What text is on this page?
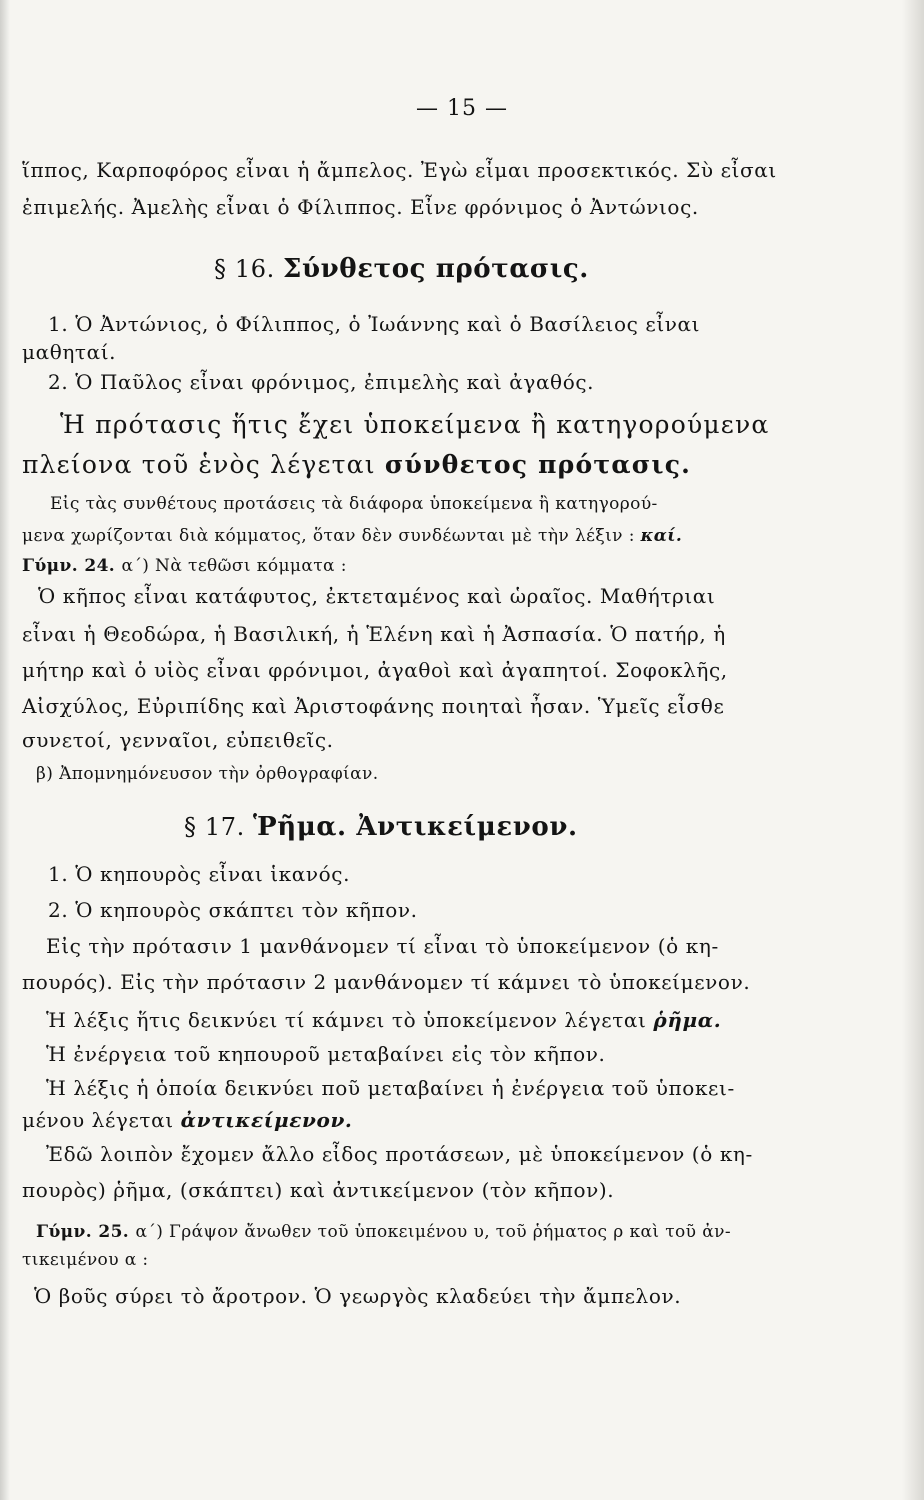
— 15 —
ἵππος, Καρποφόρος εἶναι ἡ ἄμπελος. Ἐγὼ εἶμαι προσεκτικός. Σὺ εἶσαι
ἐπιμελής. Ἀμελὴς εἶναι ὁ Φίλιππος. Εἶνε φρόνιμος ὁ Ἀντώνιος.
§ 16. Σύνθετος πρότασις.
1. Ὁ Ἀντώνιος, ὁ Φίλιππος, ὁ Ἰωάννης καὶ ὁ Βασίλειος εἶναι
μαθηταί.
2. Ὁ Παῦλος εἶναι φρόνιμος, ἐπιμελὴς καὶ ἀγαθός.
Ἡ πρότασις ἥτις ἔχει ὑποκείμενα ἢ κατηγορούμενα
πλείονα τοῦ ἑνὸς λέγεται σύνθετος πρότασις.
Εἰς τὰς συνθέτους προτάσεις τὰ διάφορα ὑποκείμενα ἢ κατηγορού-
μενα χωρίζονται διὰ κόμματος, ὅταν δὲν συνδέωνται μὲ τὴν λέξιν : καί.
Γύμν. 24. α΄) Νὰ τεθῶσι κόμματα :
Ὁ κῆπος εἶναι κατάφυτος, ἐκτεταμένος καὶ ὡραῖος. Μαθήτριαι
εἶναι ἡ Θεοδώρα, ἡ Βασιλική, ἡ Ἑλένη καὶ ἡ Ἀσπασία. Ὁ πατήρ, ἡ
μήτηρ καὶ ὁ υἱὸς εἶναι φρόνιμοι, ἀγαθοὶ καὶ ἀγαπητοί. Σοφοκλῆς,
Αἰσχύλος, Εὐριπίδης καὶ Ἀριστοφάνης ποιηταὶ ἦσαν. Ὑμεῖς εἶσθε
συνετοί, γενναῖοι, εὐπειθεῖς.
β) Ἀπομνημόνευσον τὴν ὀρθογραφίαν.
§ 17. Ῥῆμα. Ἀντικείμενον.
1. Ὁ κηπουρὸς εἶναι ἱκανός.
2. Ὁ κηπουρὸς σκάπτει τὸν κῆπον.
Εἰς τὴν πρότασιν 1 μανθάνομεν τί εἶναι τὸ ὑποκείμενον (ὁ κη-
πουρός). Εἰς τὴν πρότασιν 2 μανθάνομεν τί κάμνει τὸ ὑποκείμενον.
Ἡ λέξις ἥτις δεικνύει τί κάμνει τὸ ὑποκείμενον λέγεται ῥῆμα.
Ἡ ἐνέργεια τοῦ κηπουροῦ μεταβαίνει εἰς τὸν κῆπον.
Ἡ λέξις ἡ ὁποία δεικνύει ποῦ μεταβαίνει ἡ ἐνέργεια τοῦ ὑποκει-
μένου λέγεται ἀντικείμενον.
Ἐδῶ λοιπὸν ἔχομεν ἄλλο εἶδος προτάσεων, μὲ ὑποκείμενον (ὁ κη-
πουρὸς) ῥῆμα, (σκάπτει) καὶ ἀντικείμενον (τὸν κῆπον).
Γύμν. 25. α΄) Γράψον ἄνωθεν τοῦ ὑποκειμένου υ, τοῦ ῥήματος ρ καὶ τοῦ ἀν-
τικειμένου α :
Ὁ βοῦς σύρει τὸ ἄροτρον. Ὁ γεωργὸς κλαδεύει τὴν ἄμπελον.
